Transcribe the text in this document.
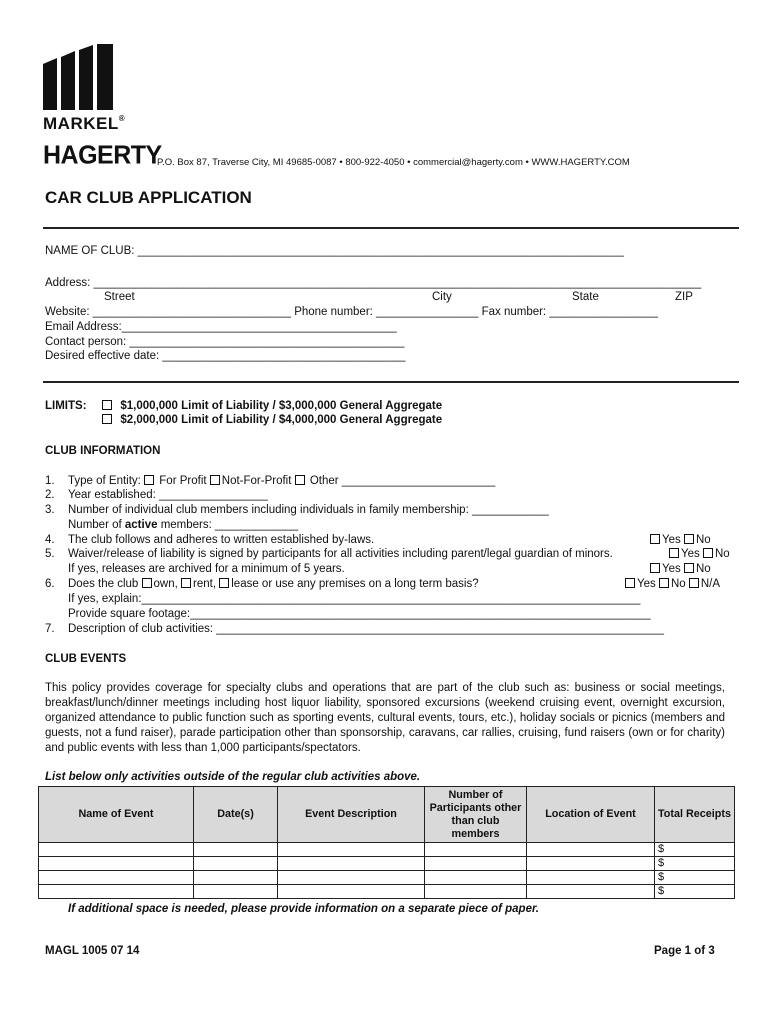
MARKEL®
HAGERTY
P.O. Box 87, Traverse City, MI 49685-0087 • 800-922-4050 • commercial@hagerty.com • WWW.HAGERTY.COM
CAR CLUB APPLICATION
NAME OF CLUB: ____________________________________________________________________________
Address: _______________________________________________________________________________________________
Street	City	State	ZIP
Website: _______________________________ Phone number: ________________ Fax number: _________________
Email Address:___________________________________________
Contact person: ___________________________________________
Desired effective date: ______________________________________
LIMITS:	$1,000,000 Limit of Liability / $3,000,000 General Aggregate
$2,000,000 Limit of Liability / $4,000,000 General Aggregate
CLUB INFORMATION
1. Type of Entity: For Profit Not-For-Profit Other ________________________
2. Year established: _________________
3. Number of individual club members including individuals in family membership: ____________
Number of active members: _____________
4. The club follows and adheres to written established by-laws.	Yes No
5. Waiver/release of liability is signed by participants for all activities including parent/legal guardian of minors.	Yes No
If yes, releases are archived for a minimum of 5 years.	Yes No
6. Does the club own, rent, lease or use any premises on a long term basis?	Yes No N/A
If yes, explain:______________________________________________________________________________
Provide square footage:________________________________________________________________________
7. Description of club activities: ______________________________________________________________________
CLUB EVENTS
This policy provides coverage for specialty clubs and operations that are part of the club such as: business or social meetings, breakfast/lunch/dinner meetings including host liquor liability, sponsored excursions (weekend cruising event, overnight excursion, organized attendance to public function such as sporting events, cultural events, tours, etc.), holiday socials or picnics (members and guests, not a fund raiser), parade participation other than sponsorship, caravans, car rallies, cruising, fund raisers (own or for charity) and public events with less than 1,000 participants/spectators.
List below only activities outside of the regular club activities above.
Name of Event	Date(s)	Event Description	Number of Participants other than club members	Location of Event	Total Receipts
					$
					$
					$
					$
If additional space is needed, please provide information on a separate piece of paper.
MAGL 1005 07 14	Page 1 of 3
